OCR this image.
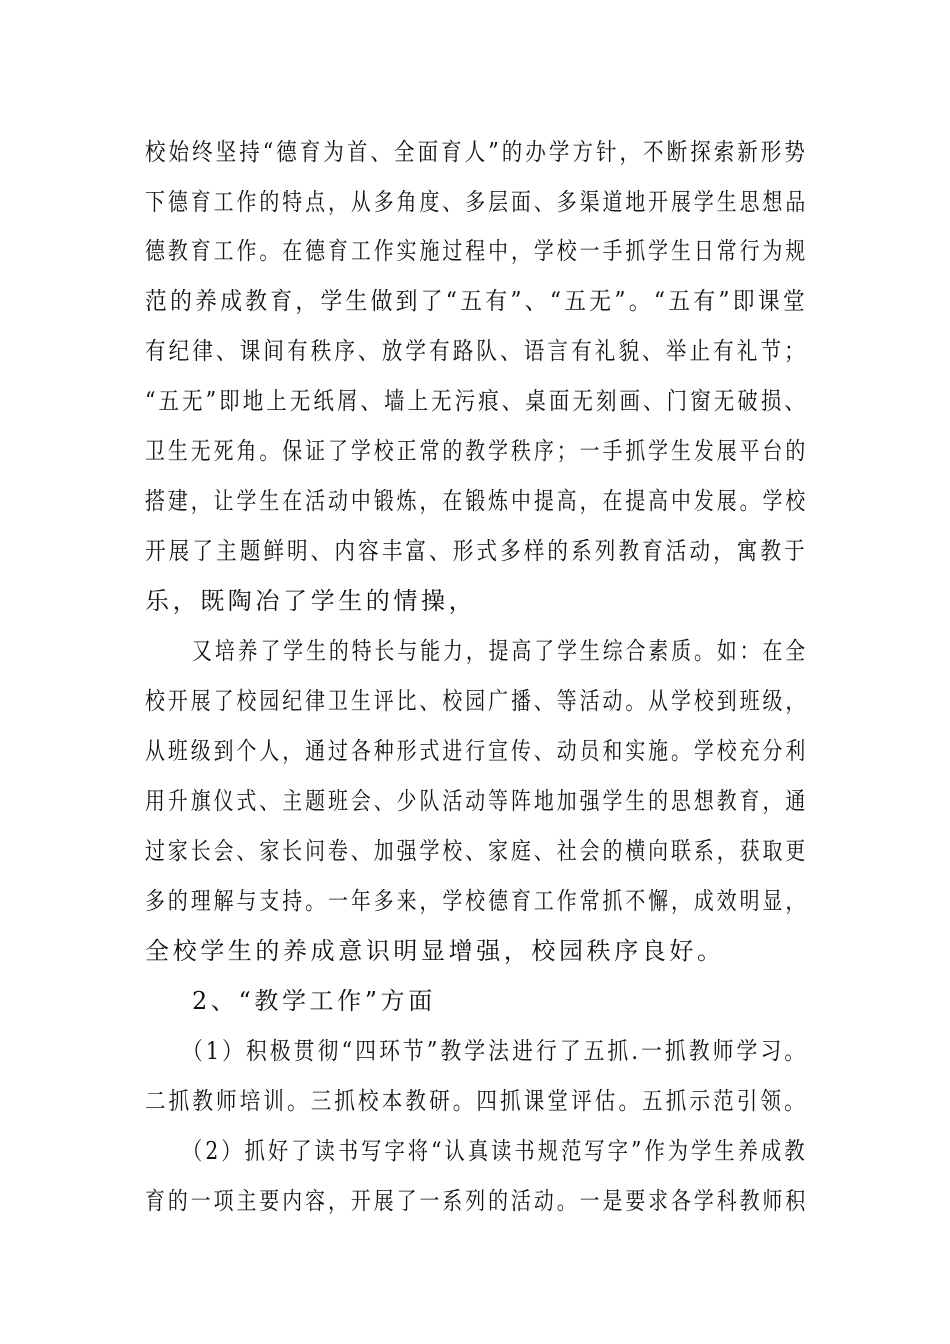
校始终坚持“德育为首、全面育人”的办学方针，不断探索新形势
下德育工作的特点，从多角度、多层面、多渠道地开展学生思想品
德教育工作。在德育工作实施过程中，学校一手抓学生日常行为规
范的养成教育，学生做到了“五有”、“五无”。“五有”即课堂
有纪律、课间有秩序、放学有路队、语言有礼貌、举止有礼节；
“五无”即地上无纸屑、墙上无污痕、桌面无刻画、门窗无破损、
卫生无死角。保证了学校正常的教学秩序；一手抓学生发展平台的
搭建，让学生在活动中锻炼，在锻炼中提高，在提高中发展。学校
开展了主题鲜明、内容丰富、形式多样的系列教育活动，寓教于
乐，既陶冶了学生的情操，
又培养了学生的特长与能力，提高了学生综合素质。如：在全
校开展了校园纪律卫生评比、校园广播、等活动。从学校到班级，
从班级到个人，通过各种形式进行宣传、动员和实施。学校充分利
用升旗仪式、主题班会、少队活动等阵地加强学生的思想教育，通
过家长会、家长问卷、加强学校、家庭、社会的横向联系，获取更
多的理解与支持。一年多来，学校德育工作常抓不懈，成效明显，
全校学生的养成意识明显增强，校园秩序良好。
2、“教学工作”方面
（1）积极贯彻“四环节”教学法进行了五抓.一抓教师学习。
二抓教师培训。三抓校本教研。四抓课堂评估。五抓示范引领。
（2）抓好了读书写字将“认真读书规范写字”作为学生养成教
育的一项主要内容，开展了一系列的活动。一是要求各学科教师积
